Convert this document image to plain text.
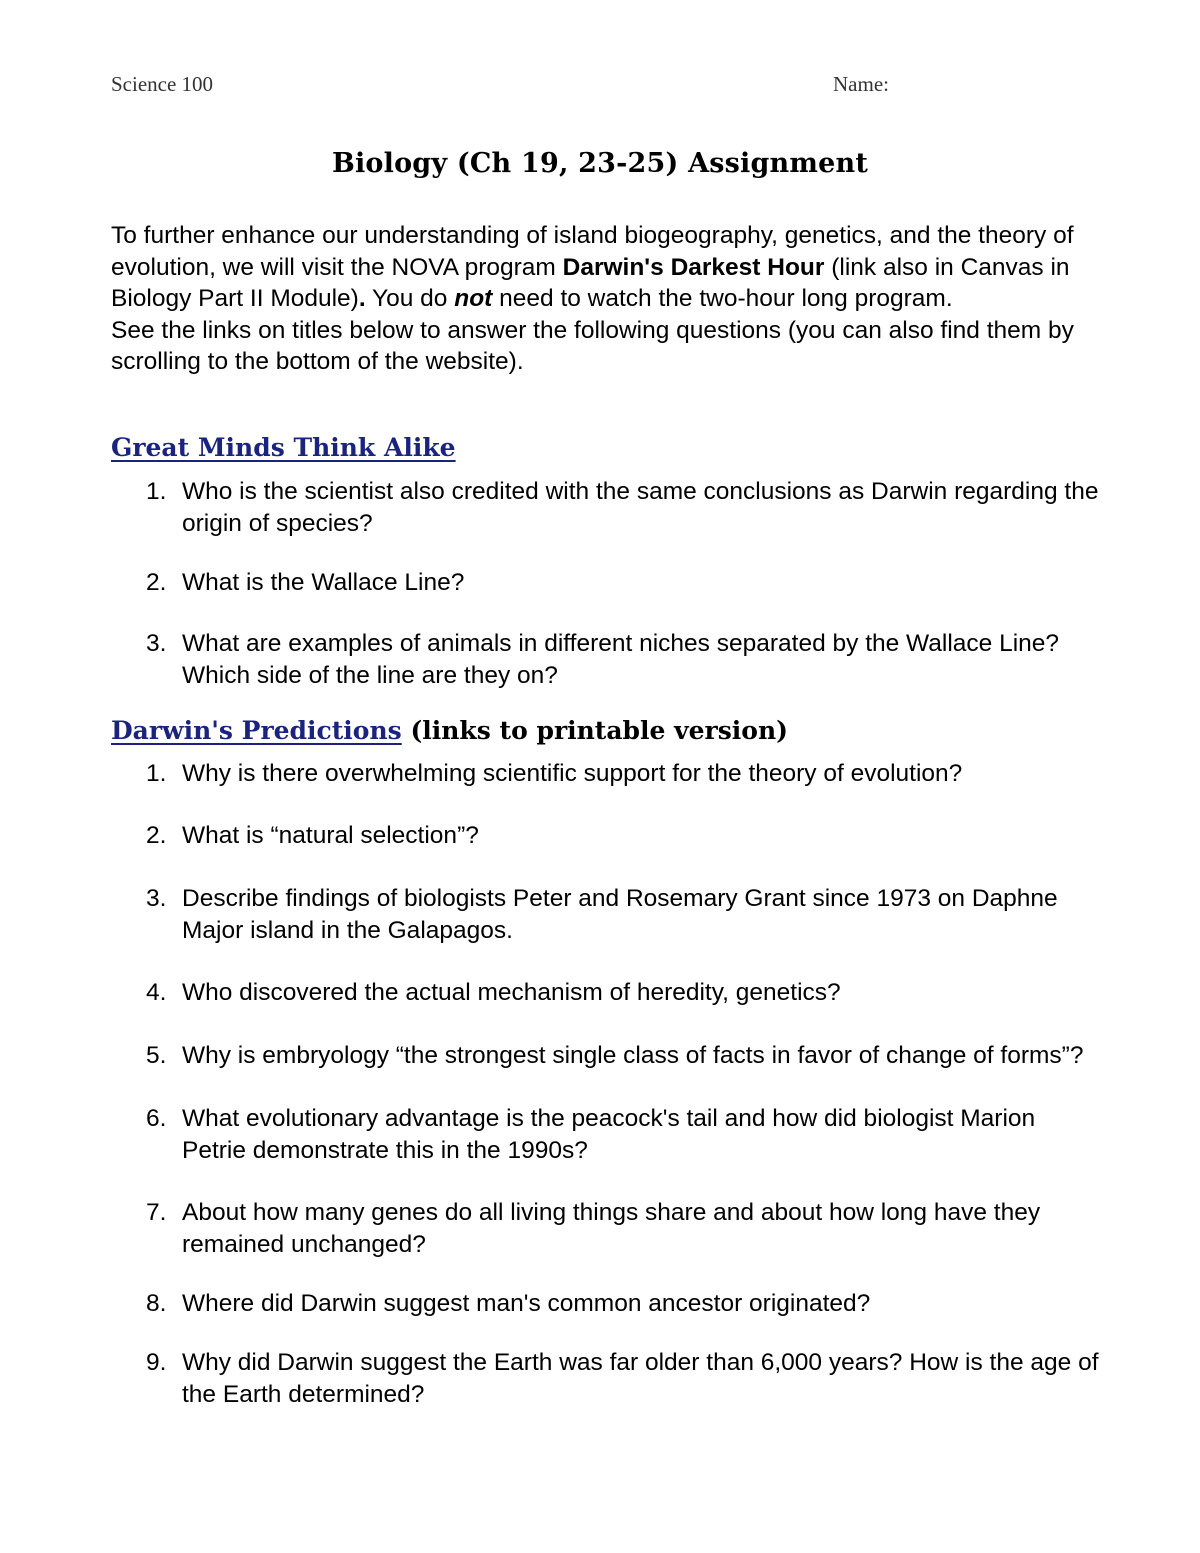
Science 100	Name:
Biology (Ch 19, 23-25) Assignment

To further enhance our understanding of island biogeography, genetics, and the theory of evolution, we will visit the NOVA program Darwin's Darkest Hour (link also in Canvas in Biology Part II Module). You do not need to watch the two-hour long program.

See the links on titles below to answer the following questions (you can also find them by scrolling to the bottom of the website).

Great Minds Think Alike
1. Who is the scientist also credited with the same conclusions as Darwin regarding the origin of species?
2. What is the Wallace Line?
3. What are examples of animals in different niches separated by the Wallace Line? Which side of the line are they on?
Darwin's Predictions (links to printable version)
1. Why is there overwhelming scientific support for the theory of evolution?
2. What is “natural selection”?
3. Describe findings of biologists Peter and Rosemary Grant since 1973 on Daphne Major island in the Galapagos.
4. Who discovered the actual mechanism of heredity, genetics?
5. Why is embryology “the strongest single class of facts in favor of change of forms”?
6. What evolutionary advantage is the peacock's tail and how did biologist Marion Petrie demonstrate this in the 1990s?
7. About how many genes do all living things share and about how long have they remained unchanged?
8. Where did Darwin suggest man's common ancestor originated?
9. Why did Darwin suggest the Earth was far older than 6,000 years? How is the age of the Earth determined?
